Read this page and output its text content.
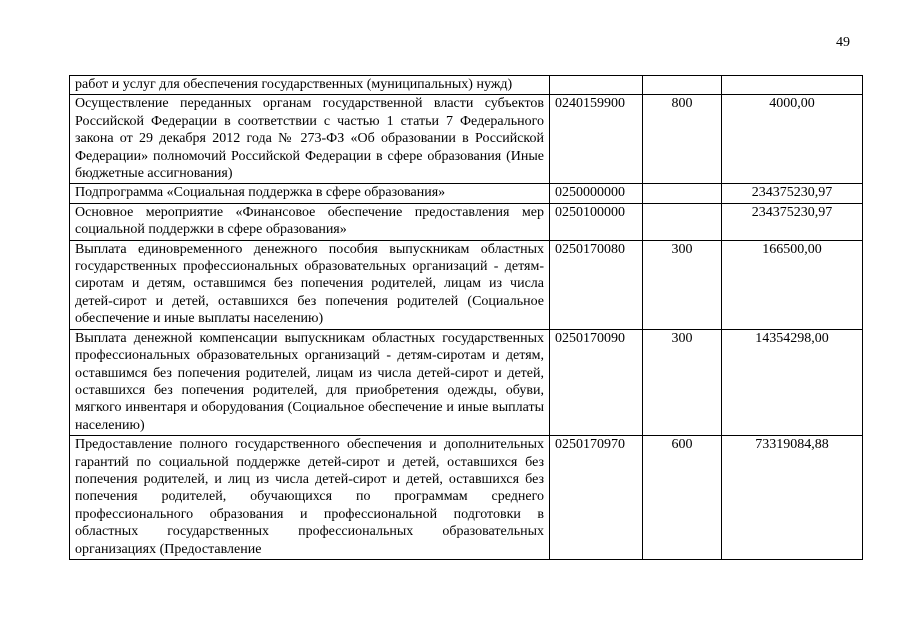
49
работ и услуг для обеспечения государственных (муниципальных) нужд)			
Осуществление переданных органам государственной власти субъектов Российской Федерации в соответствии с частью 1 статьи 7 Федерального закона от 29 декабря 2012 года № 273-ФЗ «Об образовании в Российской Федерации» полномочий Российской Федерации в сфере образования (Иные бюджетные ассигнования)	0240159900	800	4000,00
Подпрограмма «Социальная поддержка в сфере образования»	0250000000		234375230,97
Основное мероприятие «Финансовое обеспечение предоставления мер социальной поддержки в сфере образования»	0250100000		234375230,97
Выплата единовременного денежного пособия выпускникам областных государственных профессиональных образовательных организаций - детям-сиротам и детям, оставшимся без попечения родителей, лицам из числа детей-сирот и детей, оставшихся без попечения родителей (Социальное обеспечение и иные выплаты населению)	0250170080	300	166500,00
Выплата денежной компенсации выпускникам областных государственных профессиональных образовательных организаций - детям-сиротам и детям, оставшимся без попечения родителей, лицам из числа детей-сирот и детей, оставшихся без попечения родителей, для приобретения одежды, обуви, мягкого инвентаря и оборудования (Социальное обеспечение и иные выплаты населению)	0250170090	300	14354298,00
Предоставление полного государственного обеспечения и дополнительных гарантий по социальной поддержке детей-сирот и детей, оставшихся без попечения родителей, и лиц из числа детей-сирот и детей, оставшихся без попечения родителей, обучающихся по программам среднего профессионального образования и профессиональной подготовки в областных государственных профессиональных образовательных организациях (Предоставление	0250170970	600	73319084,88
